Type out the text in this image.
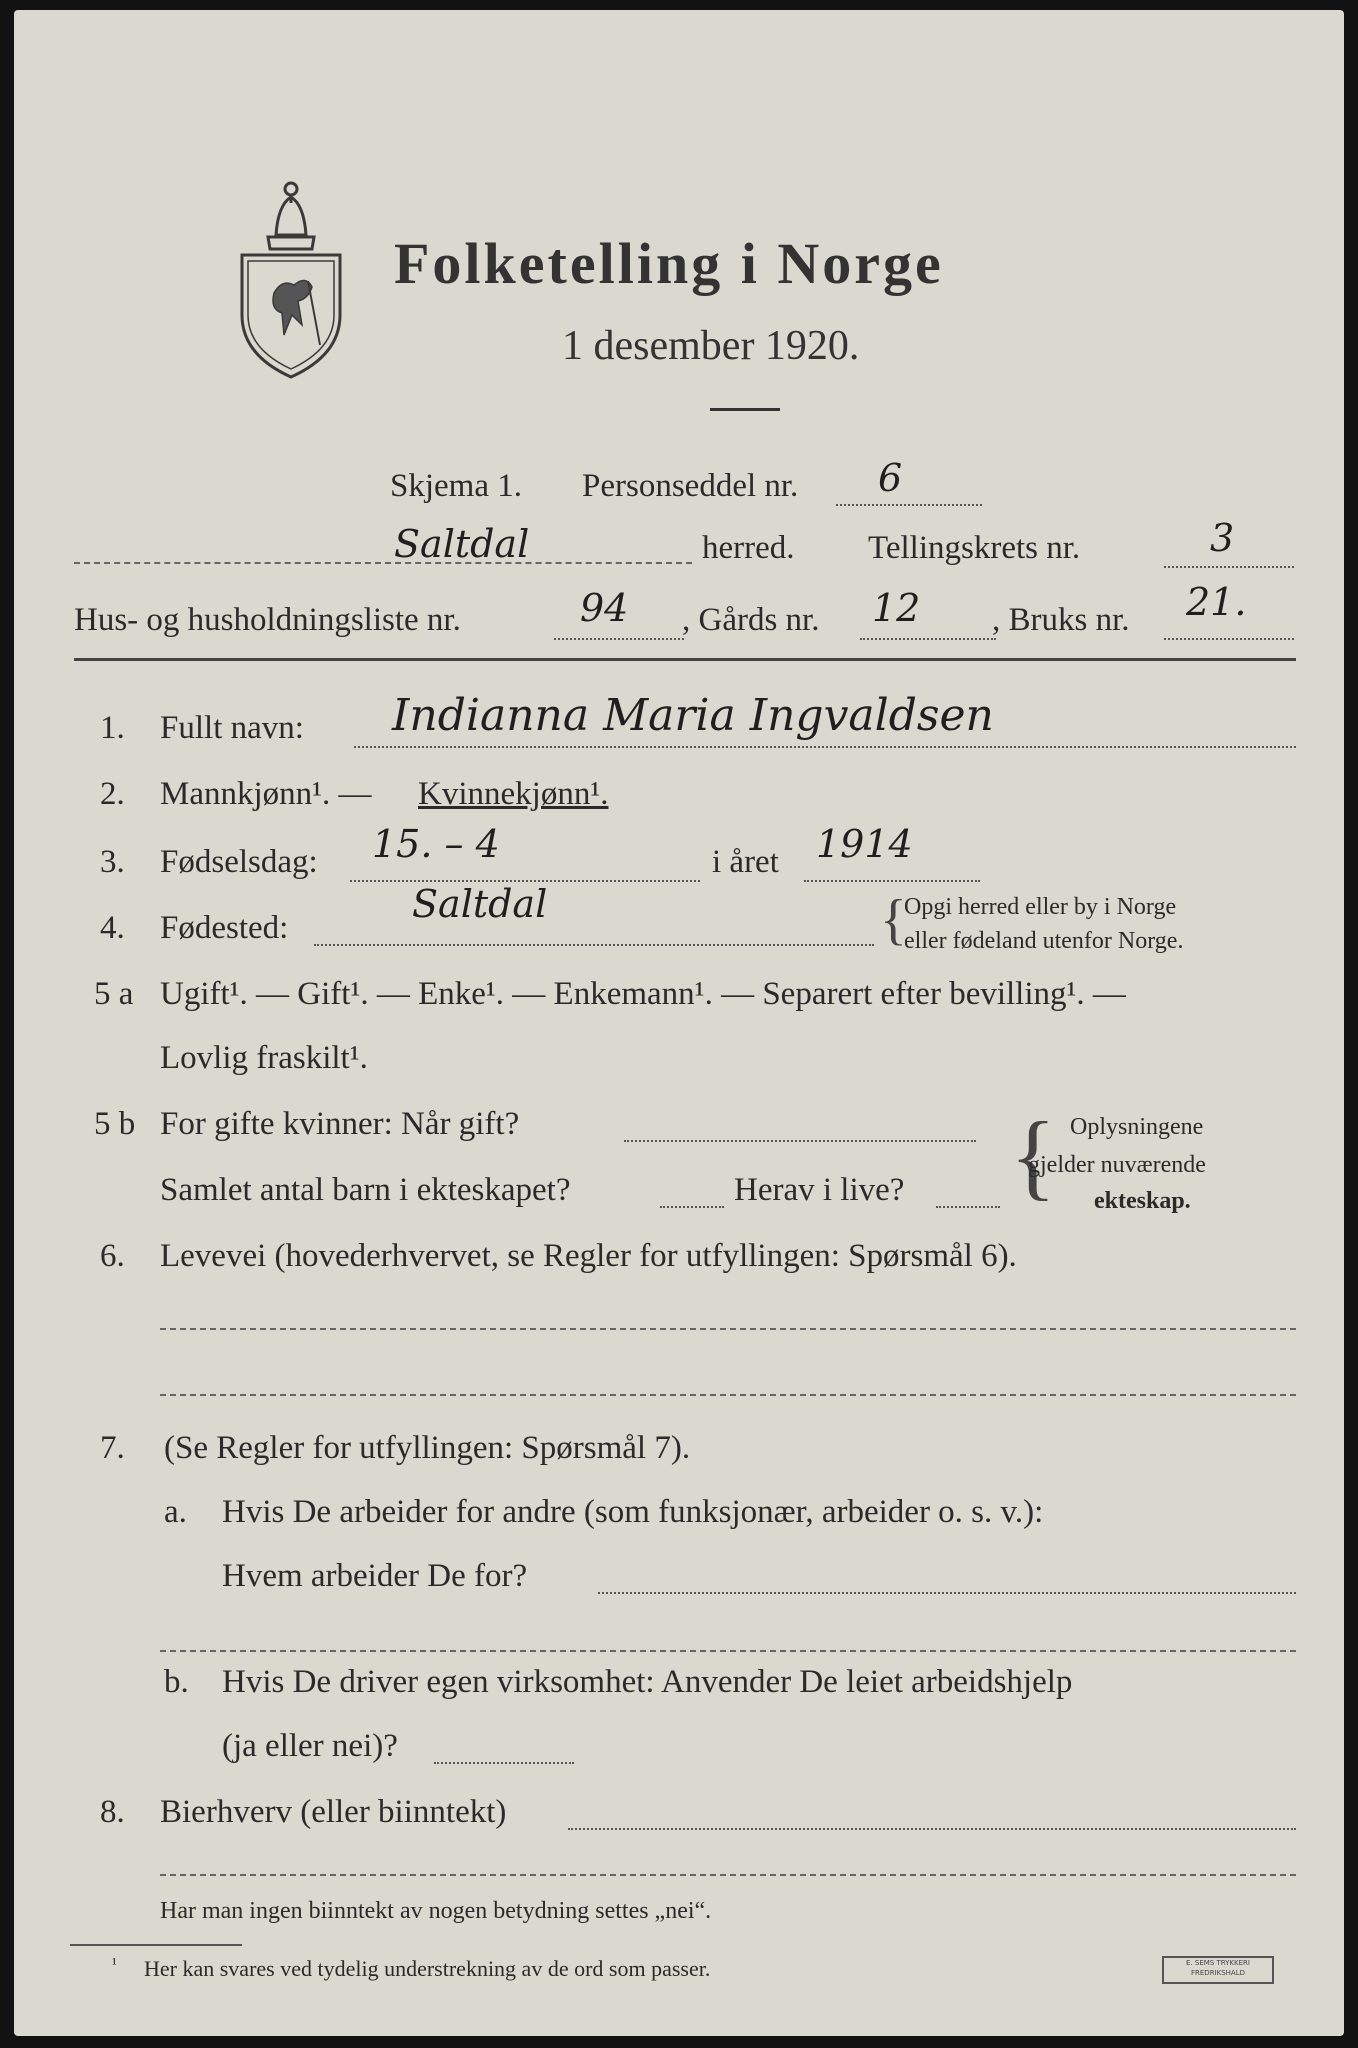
Folketelling i Norge
1 desember 1920.
Skjema 1. Personseddel nr. 6
Saltdal	herred. Tellingskrets nr.	3
Hus- og husholdningsliste nr.	94 , Gårds nr. 12 , Bruks nr. 21.
1. Fullt navn: Indianna Maria Ingvaldsen
2. Mannkjønn¹. — Kvinnekjønn¹.
3. Fødselsdag: 15. – 4	i året 1914
4. Fødested:
Saltdal	{
Opgi herred eller by i Norge
eller fødeland utenfor Norge.
5 a Ugift¹. — Gift¹. — Enke¹. — Enkemann¹. — Separert efter bevilling¹. —
Lovlig fraskilt¹.
5 b For gifte kvinner: Når gift?
Samlet antal barn i ekteskapet?	Herav i live? { Oplysningene
gjelder nuværende
ekteskap.
6. Levevei (hovederhvervet, se Regler for utfyllingen: Spørsmål 6).
7. (Se Regler for utfyllingen: Spørsmål 7).
a. Hvis De arbeider for andre (som funksjonær, arbeider o. s. v.):
Hvem arbeider De for?
b. Hvis De driver egen virksomhet: Anvender De leiet arbeidshjelp
(ja eller nei)?
8. Bierhverv (eller biinntekt)
Har man ingen biinntekt av nogen betydning settes „nei“.
¹ Her kan svares ved tydelig understrekning av de ord som passer.	E. SEMS TRYKKERI FREDRIKSHALD
